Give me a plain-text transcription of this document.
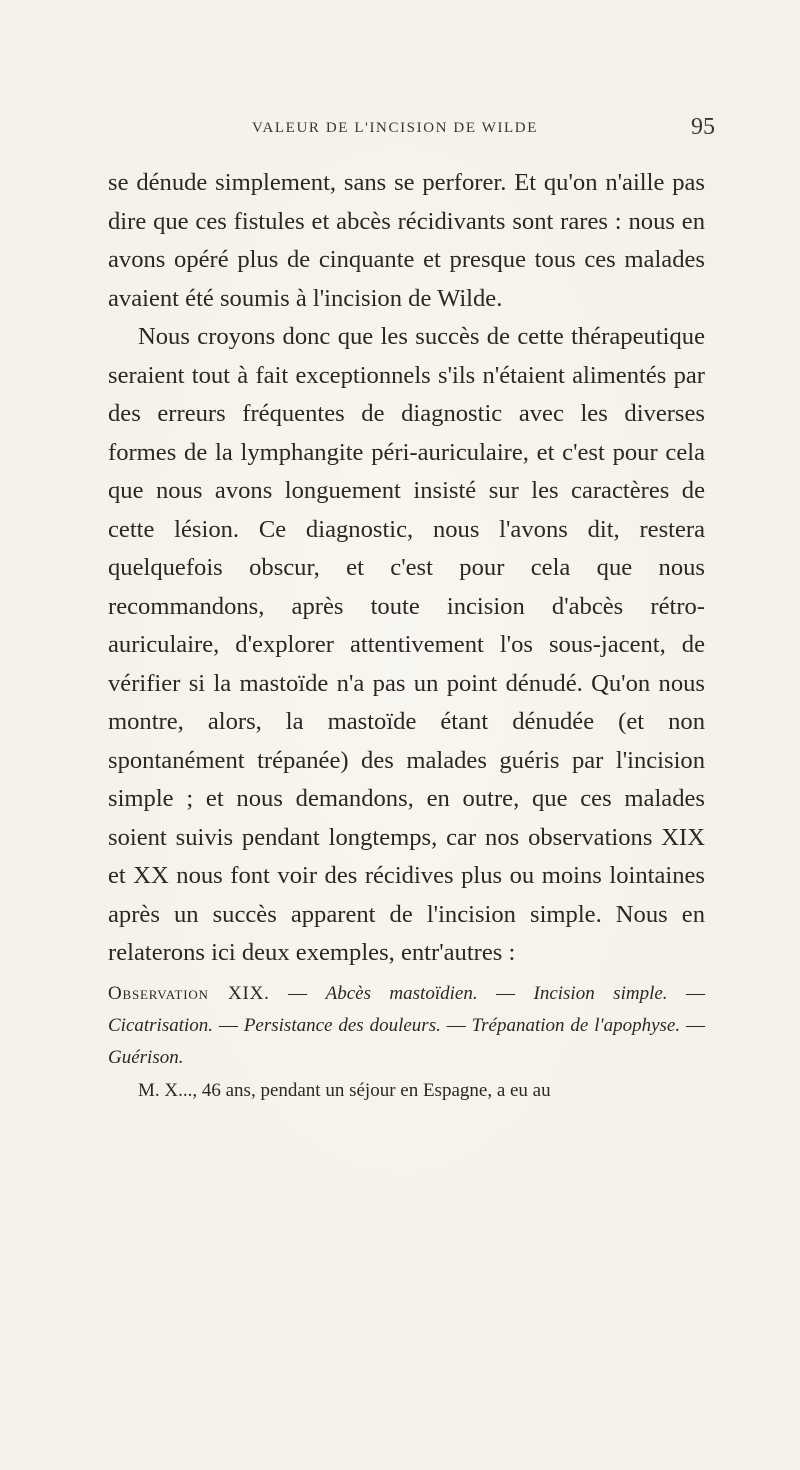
VALEUR DE L'INCISION DE WILDE	95

se dénude simplement, sans se perforer. Et qu'on n'aille pas dire que ces fistules et abcès récidivants sont rares : nous en avons opéré plus de cinquante et presque tous ces malades avaient été soumis à l'incision de Wilde.

Nous croyons donc que les succès de cette thérapeutique seraient tout à fait exceptionnels s'ils n'étaient alimentés par des erreurs fréquentes de diagnostic avec les diverses formes de la lymphangite péri-auriculaire, et c'est pour cela que nous avons longuement insisté sur les caractères de cette lésion. Ce diagnostic, nous l'avons dit, restera quelquefois obscur, et c'est pour cela que nous recommandons, après toute incision d'abcès rétro-auriculaire, d'explorer attentivement l'os sous-jacent, de vérifier si la mastoïde n'a pas un point dénudé. Qu'on nous montre, alors, la mastoïde étant dénudée (et non spontanément trépanée) des malades guéris par l'incision simple ; et nous demandons, en outre, que ces malades soient suivis pendant longtemps, car nos observations XIX et XX nous font voir des récidives plus ou moins lointaines après un succès apparent de l'incision simple. Nous en relaterons ici deux exemples, entr'autres :

Observation XIX. — Abcès mastoïdien. — Incision simple. — Cicatrisation. — Persistance des douleurs. — Trépanation de l'apophyse. — Guérison.

M. X..., 46 ans, pendant un séjour en Espagne, a eu au
